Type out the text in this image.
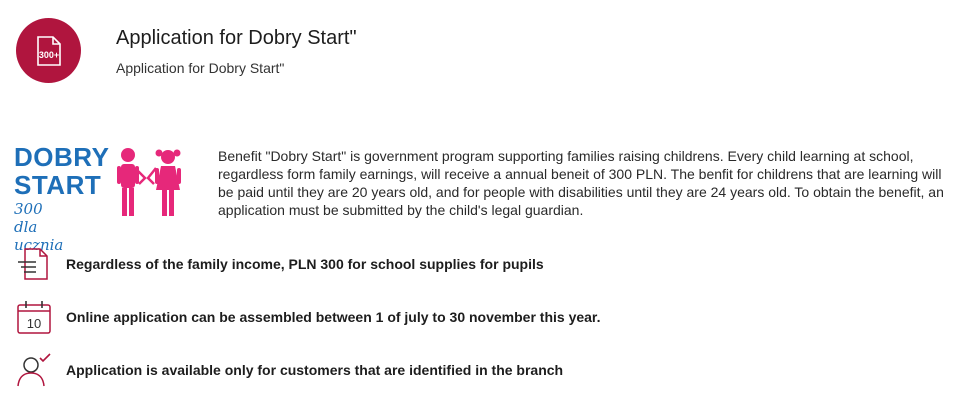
300+
Application for Dobry Start"
Application for Dobry Start"
DOBRY
START
300 dla ucznia
Benefit "Dobry Start" is government program supporting families raising childrens. Every child learning at school, regardless form family earnings, will receive a annual beneit of 300 PLN. The benfit for childrens that are learning will be paid until they are 20 years old, and for people with disabilities until they are 24 years old. To obtain the benefit, an application must be submitted by the child's legal guardian.
Regardless of the family income, PLN 300 for school supplies for pupils
10 Online application can be assembled between 1 of july to 30 november this year.
Application is available only for customers that are identified in the branch
